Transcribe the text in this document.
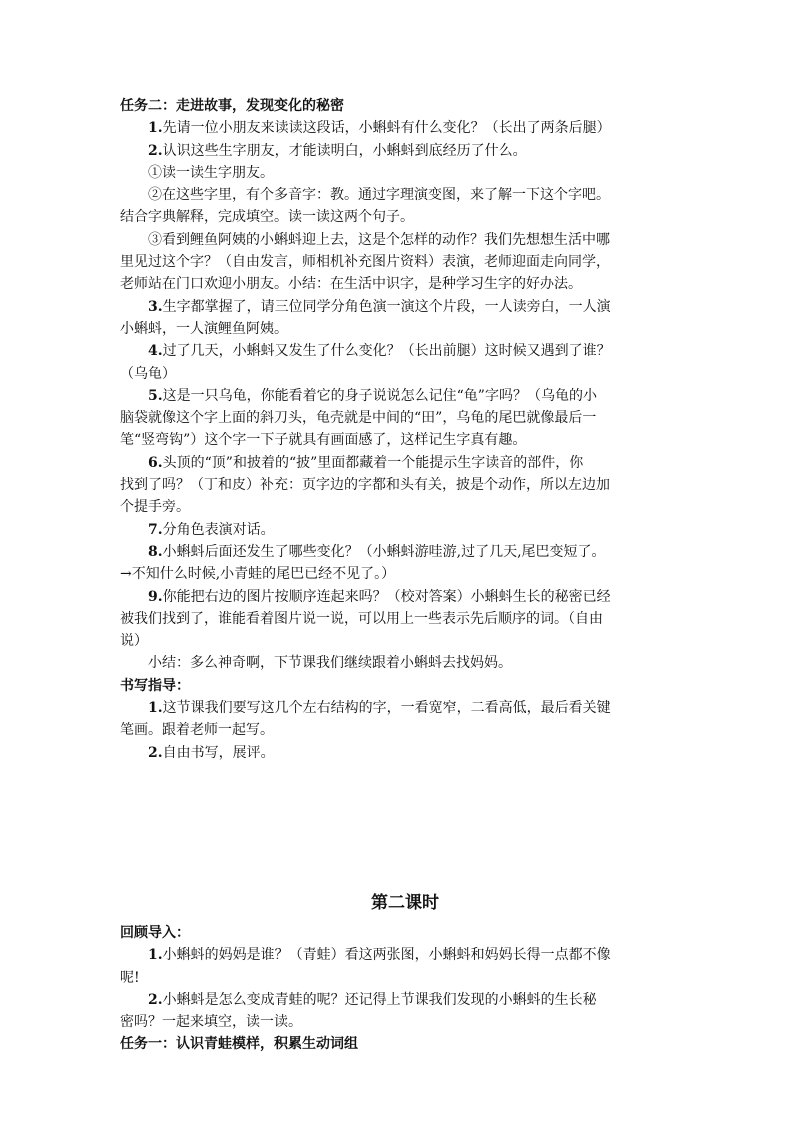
任务二：走进故事，发现变化的秘密

1.先请一位小朋友来读读这段话，小蝌蚪有什么变化？（长出了两条后腿）

2.认识这些生字朋友，才能读明白，小蝌蚪到底经历了什么。

①读一读生字朋友。

②在这些字里，有个多音字：教。通过字理演变图，来了解一下这个字吧。

结合字典解释，完成填空。读一读这两个句子。

③看到鲤鱼阿姨的小蝌蚪迎上去，这是个怎样的动作？我们先想想生活中哪

里见过这个字？（自由发言，师相机补充图片资料）表演，老师迎面走向同学，

老师站在门口欢迎小朋友。小结：在生活中识字，是种学习生字的好办法。

3.生字都掌握了，请三位同学分角色演一演这个片段，一人读旁白，一人演

小蝌蚪，一人演鲤鱼阿姨。

4.过了几天，小蝌蚪又发生了什么变化？（长出前腿）这时候又遇到了谁？

（乌龟）

5.这是一只乌龟，你能看着它的身子说说怎么记住“龟”字吗？（乌龟的小

脑袋就像这个字上面的斜刀头，龟壳就是中间的“田”，乌龟的尾巴就像最后一

笔“竖弯钩”）这个字一下子就具有画面感了，这样记生字真有趣。

6.头顶的“顶”和披着的“披”里面都藏着一个能提示生字读音的部件，你

找到了吗？（丁和皮）补充：页字边的字都和头有关，披是个动作，所以左边加

个提手旁。

7.分角色表演对话。

8.小蝌蚪后面还发生了哪些变化？（小蝌蚪游哇游,过了几天,尾巴变短了。

→不知什么时候,小青蛙的尾巴已经不见了。）

9.你能把右边的图片按顺序连起来吗？（校对答案）小蝌蚪生长的秘密已经

被我们找到了，谁能看着图片说一说，可以用上一些表示先后顺序的词。（自由

说）

小结：多么神奇啊，下节课我们继续跟着小蝌蚪去找妈妈。

书写指导：

1.这节课我们要写这几个左右结构的字，一看宽窄，二看高低，最后看关键

笔画。跟着老师一起写。

2.自由书写，展评。

第二课时

回顾导入：

1.小蝌蚪的妈妈是谁？（青蛙）看这两张图，小蝌蚪和妈妈长得一点都不像

呢!

2.小蝌蚪是怎么变成青蛙的呢？还记得上节课我们发现的小蝌蚪的生长秘

密吗？一起来填空，读一读。

任务一：认识青蛙模样，积累生动词组
